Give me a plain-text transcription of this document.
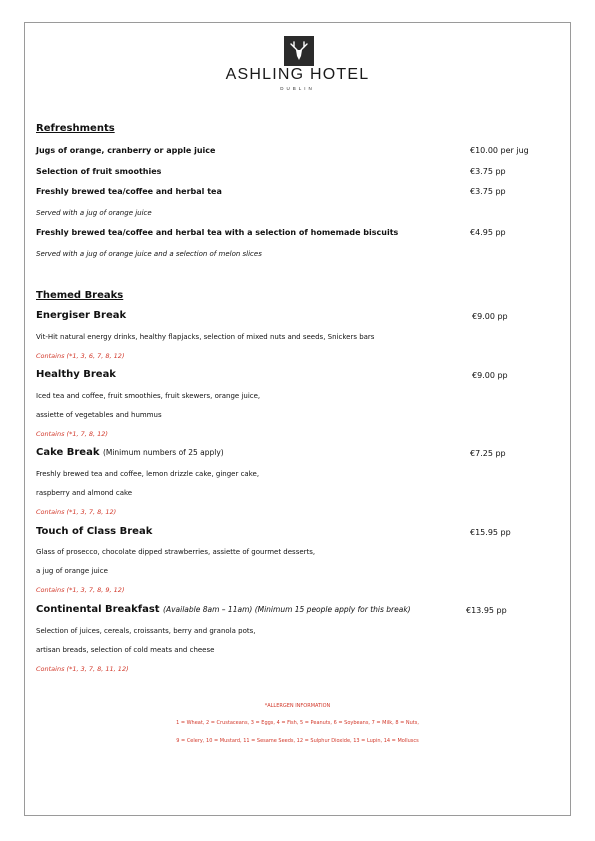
ASHLING HOTEL
DUBLIN
Refreshments
Jugs of orange, cranberry or apple juice	€10.00 per jug
Selection of fruit smoothies	€3.75 pp
Freshly brewed tea/coffee and herbal tea	€3.75 pp
Served with a jug of orange juice
Freshly brewed tea/coffee and herbal tea with a selection of homemade biscuits	€4.95 pp
Served with a jug of orange juice and a selection of melon slices
Themed Breaks
Energiser Break	€9.00 pp
Vit-Hit natural energy drinks, healthy flapjacks, selection of mixed nuts and seeds, Snickers bars
Contains (*1, 3, 6, 7, 8, 12)
Healthy Break	€9.00 pp
Iced tea and coffee, fruit smoothies, fruit skewers, orange juice,
assiette of vegetables and hummus
Contains (*1, 7, 8, 12)
Cake Break (Minimum numbers of 25 apply)	€7.25 pp
Freshly brewed tea and coffee, lemon drizzle cake, ginger cake,
raspberry and almond cake
Contains (*1, 3, 7, 8, 12)
Touch of Class Break	€15.95 pp
Glass of prosecco, chocolate dipped strawberries, assiette of gourmet desserts,
a jug of orange juice
Contains (*1, 3, 7, 8, 9, 12)
Continental Breakfast (Available 8am – 11am) (Minimum 15 people apply for this break)	€13.95 pp
Selection of juices, cereals, croissants, berry and granola pots,
artisan breads, selection of cold meats and cheese
Contains (*1, 3, 7, 8, 11, 12)
*ALLERGEN INFORMATION
1 = Wheat, 2 = Crustaceans, 3 = Eggs, 4 = Fish, 5 = Peanuts, 6 = Soybeans, 7 = Milk, 8 = Nuts,
9 = Celery, 10 = Mustard, 11 = Sesame Seeds, 12 = Sulphur Dioxide, 13 = Lupin, 14 = Molluscs
